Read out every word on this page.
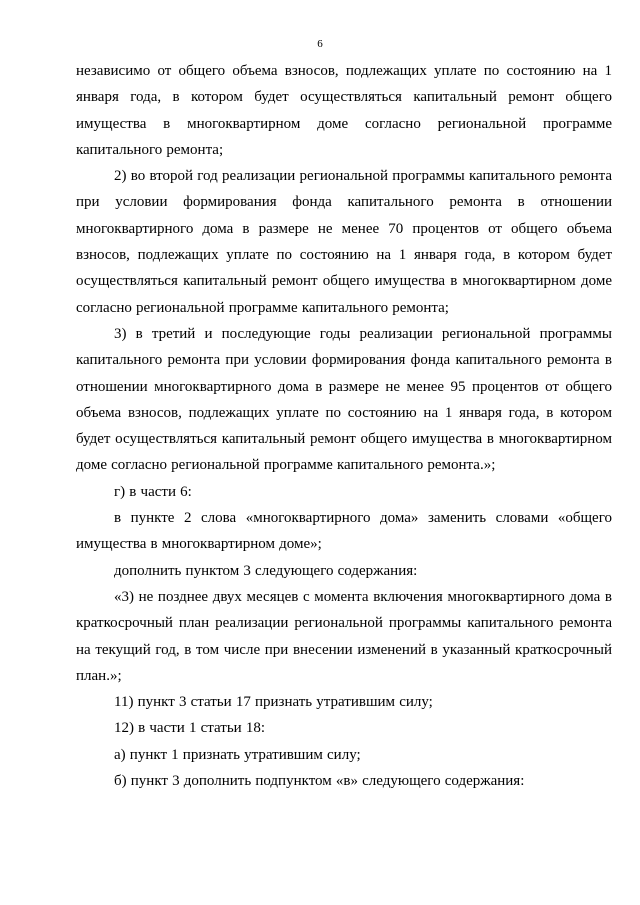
6

независимо от общего объема взносов, подлежащих уплате по состоянию на 1 января года, в котором будет осуществляться капитальный ремонт общего имущества в многоквартирном доме согласно региональной программе капитального ремонта;

2) во второй год реализации региональной программы капитального ремонта при условии формирования фонда капитального ремонта в отношении многоквартирного дома в размере не менее 70 процентов от общего объема взносов, подлежащих уплате по состоянию на 1 января года, в котором будет осуществляться капитальный ремонт общего имущества в многоквартирном доме согласно региональной программе капитального ремонта;

3) в третий и последующие годы реализации региональной программы капитального ремонта при условии формирования фонда капитального ремонта в отношении многоквартирного дома в размере не менее 95 процентов от общего объема взносов, подлежащих уплате по состоянию на 1 января года, в котором будет осуществляться капитальный ремонт общего имущества в многоквартирном доме согласно региональной программе капитального ремонта.»;

г) в части 6:

в пункте 2 слова «многоквартирного дома» заменить словами «общего имущества в многоквартирном доме»;

дополнить пунктом 3 следующего содержания:

«3) не позднее двух месяцев с момента включения многоквартирного дома в краткосрочный план реализации региональной программы капитального ремонта на текущий год, в том числе при внесении изменений в указанный краткосрочный план.»;

11) пункт 3 статьи 17 признать утратившим силу;

12) в части 1 статьи 18:

а) пункт 1 признать утратившим силу;

б) пункт 3 дополнить подпунктом «в» следующего содержания:
